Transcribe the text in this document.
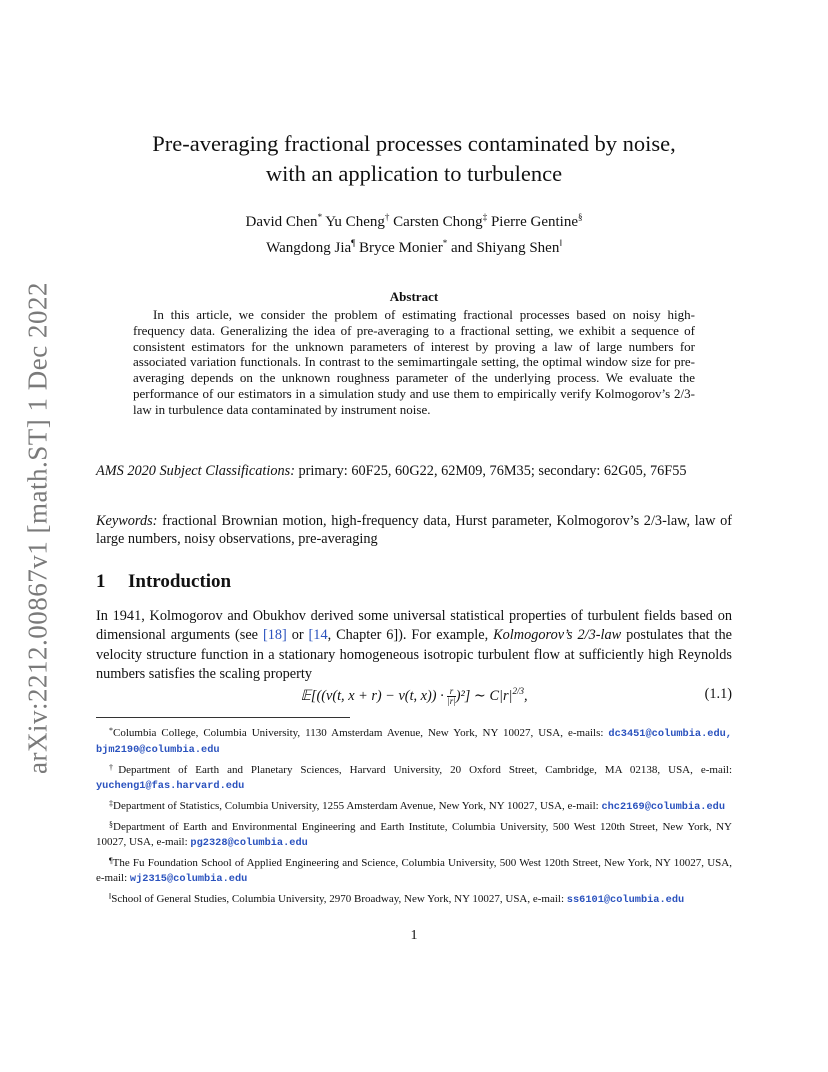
arXiv:2212.00867v1 [math.ST] 1 Dec 2022
Pre-averaging fractional processes contaminated by noise,
with an application to turbulence
David Chen* Yu Cheng† Carsten Chong‡ Pierre Gentine§
Wangdong Jia¶ Bryce Monier* and Shiyang Shen‖
Abstract
In this article, we consider the problem of estimating fractional processes based on noisy high-frequency data. Generalizing the idea of pre-averaging to a fractional setting, we exhibit a sequence of consistent estimators for the unknown parameters of interest by proving a law of large numbers for associated variation functionals. In contrast to the semimartingale setting, the optimal window size for pre-averaging depends on the unknown roughness parameter of the underlying process. We evaluate the performance of our estimators in a simulation study and use them to empirically verify Kolmogorov’s 2/3-law in turbulence data contaminated by instrument noise.
AMS 2020 Subject Classifications: primary: 60F25, 60G22, 62M09, 76M35; secondary: 62G05, 76F55
Keywords: fractional Brownian motion, high-frequency data, Hurst parameter, Kolmogorov’s 2/3-law, law of large numbers, noisy observations, pre-averaging
1 Introduction
In 1941, Kolmogorov and Obukhov derived some universal statistical properties of turbulent fields based on dimensional arguments (see [18] or [14, Chapter 6]). For example, Kolmogorov’s 2/3-law postulates that the velocity structure function in a stationary homogeneous isotropic turbulent flow at sufficiently high Reynolds numbers satisfies the scaling property
𝔼[((v(t, x + r) − v(t, $x)) \cdot \frac{r}{|r|} )^2$] ∼ $C|r|^{2/3}$,	(1.1)
*Columbia College, Columbia University, 1130 Amsterdam Avenue, New York, NY 10027, USA, e-mails: dc3451@columbia.edu, bjm2190@columbia.edu
†Department of Earth and Planetary Sciences, Harvard University, 20 Oxford Street, Cambridge, MA 02138, USA, e-mail: yucheng1@fas.harvard.edu
‡Department of Statistics, Columbia University, 1255 Amsterdam Avenue, New York, NY 10027, USA, e-mail: chc2169@columbia.edu
§Department of Earth and Environmental Engineering and Earth Institute, Columbia University, 500 West 120th Street, New York, NY 10027, USA, e-mail: pg2328@columbia.edu
¶The Fu Foundation School of Applied Engineering and Science, Columbia University, 500 West 120th Street, New York, NY 10027, USA, e-mail: wj2315@columbia.edu
‖School of General Studies, Columbia University, 2970 Broadway, New York, NY 10027, USA, e-mail: ss6101@columbia.edu
1
